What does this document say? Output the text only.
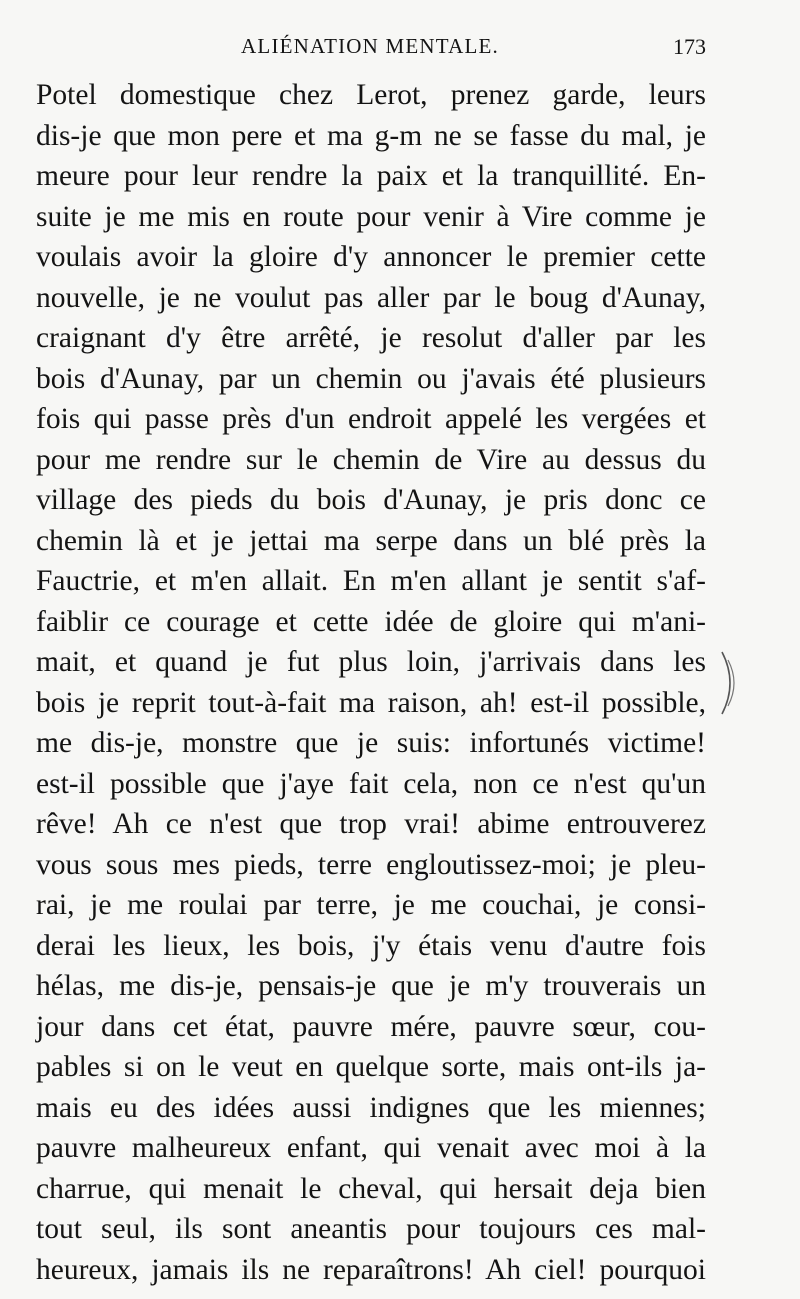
ALIÉNATION MENTALE.	173
Potel domestique chez Lerot, prenez garde, leurs
dis-je que mon pere et ma g-m ne se fasse du mal, je
meure pour leur rendre la paix et la tranquillité. En-
suite je me mis en route pour venir à Vire comme je
voulais avoir la gloire d'y annoncer le premier cette
nouvelle, je ne voulut pas aller par le boug d'Aunay,
craignant d'y être arrêté, je resolut d'aller par les
bois d'Aunay, par un chemin ou j'avais été plusieurs
fois qui passe près d'un endroit appelé les vergées et
pour me rendre sur le chemin de Vire au dessus du
village des pieds du bois d'Aunay, je pris donc ce
chemin là et je jettai ma serpe dans un blé près la
Fauctrie, et m'en allait. En m'en allant je sentit s'af-
faiblir ce courage et cette idée de gloire qui m'ani-
mait, et quand je fut plus loin, j'arrivais dans les
bois je reprit tout-à-fait ma raison, ah! est-il possible,
me dis-je, monstre que je suis: infortunés victime!
est-il possible que j'aye fait cela, non ce n'est qu'un
rêve! Ah ce n'est que trop vrai! abime entrouverez
vous sous mes pieds, terre engloutissez-moi; je pleu-
rai, je me roulai par terre, je me couchai, je consi-
derai les lieux, les bois, j'y étais venu d'autre fois
hélas, me dis-je, pensais-je que je m'y trouverais un
jour dans cet état, pauvre mére, pauvre sœur, cou-
pables si on le veut en quelque sorte, mais ont-ils ja-
mais eu des idées aussi indignes que les miennes;
pauvre malheureux enfant, qui venait avec moi à la
charrue, qui menait le cheval, qui hersait deja bien
tout seul, ils sont aneantis pour toujours ces mal-
heureux, jamais ils ne reparaîtrons! Ah ciel! pourquoi
